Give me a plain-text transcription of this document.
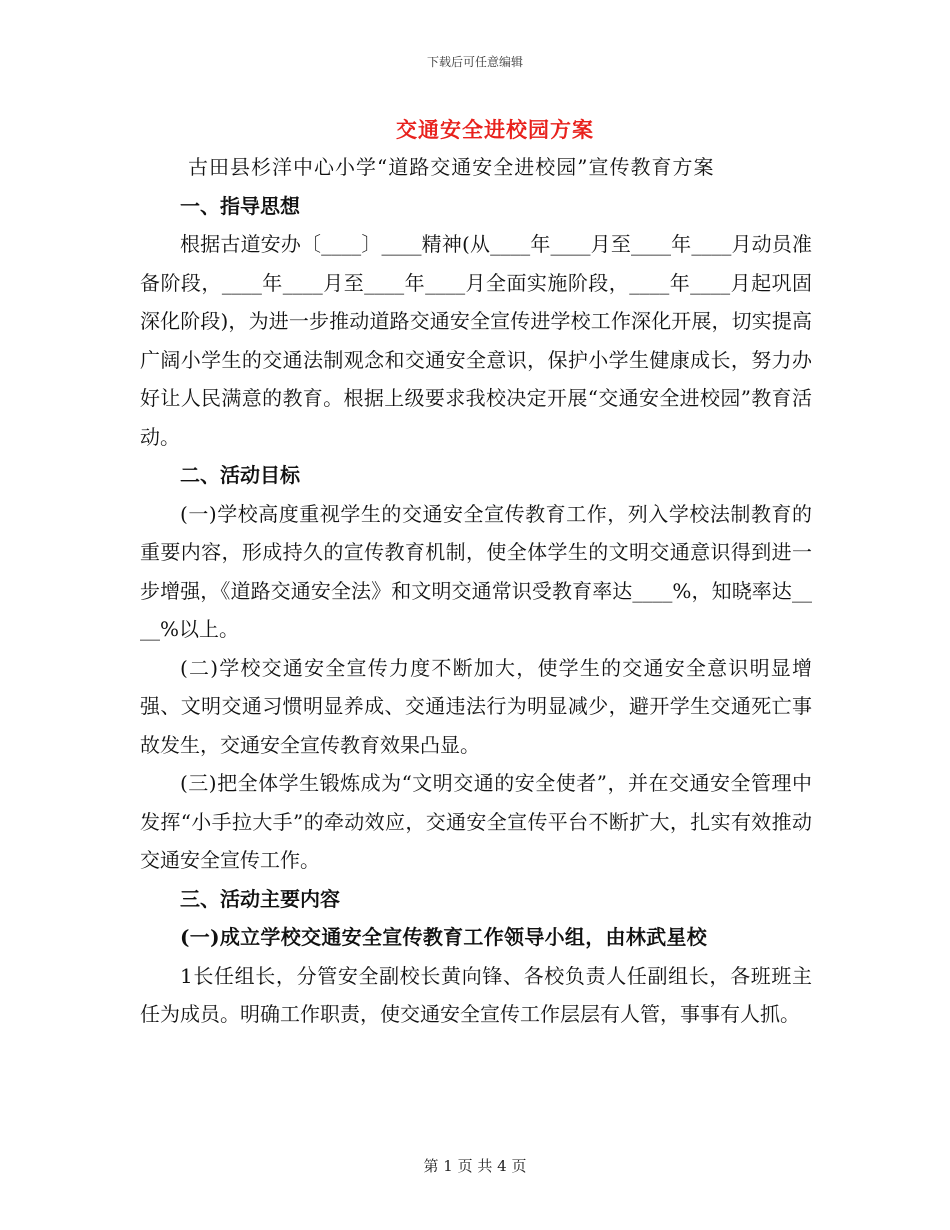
下载后可任意编辑
交通安全进校园方案

古田县杉洋中心小学“道路交通安全进校园”宣传教育方案

一、指导思想

根据古道安办〔____〕____精神(从____年____月至____年____月动员准备阶段，____年____月至____年____月全面实施阶段，____年____月起巩固深化阶段)，为进一步推动道路交通安全宣传进学校工作深化开展，切实提高广阔小学生的交通法制观念和交通安全意识，保护小学生健康成长，努力办好让人民满意的教育。根据上级要求我校决定开展“交通安全进校园”教育活动。

二、活动目标

(一)学校高度重视学生的交通安全宣传教育工作，列入学校法制教育的重要内容，形成持久的宣传教育机制，使全体学生的文明交通意识得到进一步增强，《道路交通安全法》和文明交通常识受教育率达____%，知晓率达____%以上。

(二)学校交通安全宣传力度不断加大，使学生的交通安全意识明显增强、文明交通习惯明显养成、交通违法行为明显减少，避开学生交通死亡事故发生，交通安全宣传教育效果凸显。

(三)把全体学生锻炼成为“文明交通的安全使者”，并在交通安全管理中发挥“小手拉大手”的牵动效应，交通安全宣传平台不断扩大，扎实有效推动交通安全宣传工作。

三、活动主要内容

(一)成立学校交通安全宣传教育工作领导小组，由林武星校

1长任组长，分管安全副校长黄向锋、各校负责人任副组长，各班班主任为成员。明确工作职责，使交通安全宣传工作层层有人管，事事有人抓。

第 1 页 共 4 页
